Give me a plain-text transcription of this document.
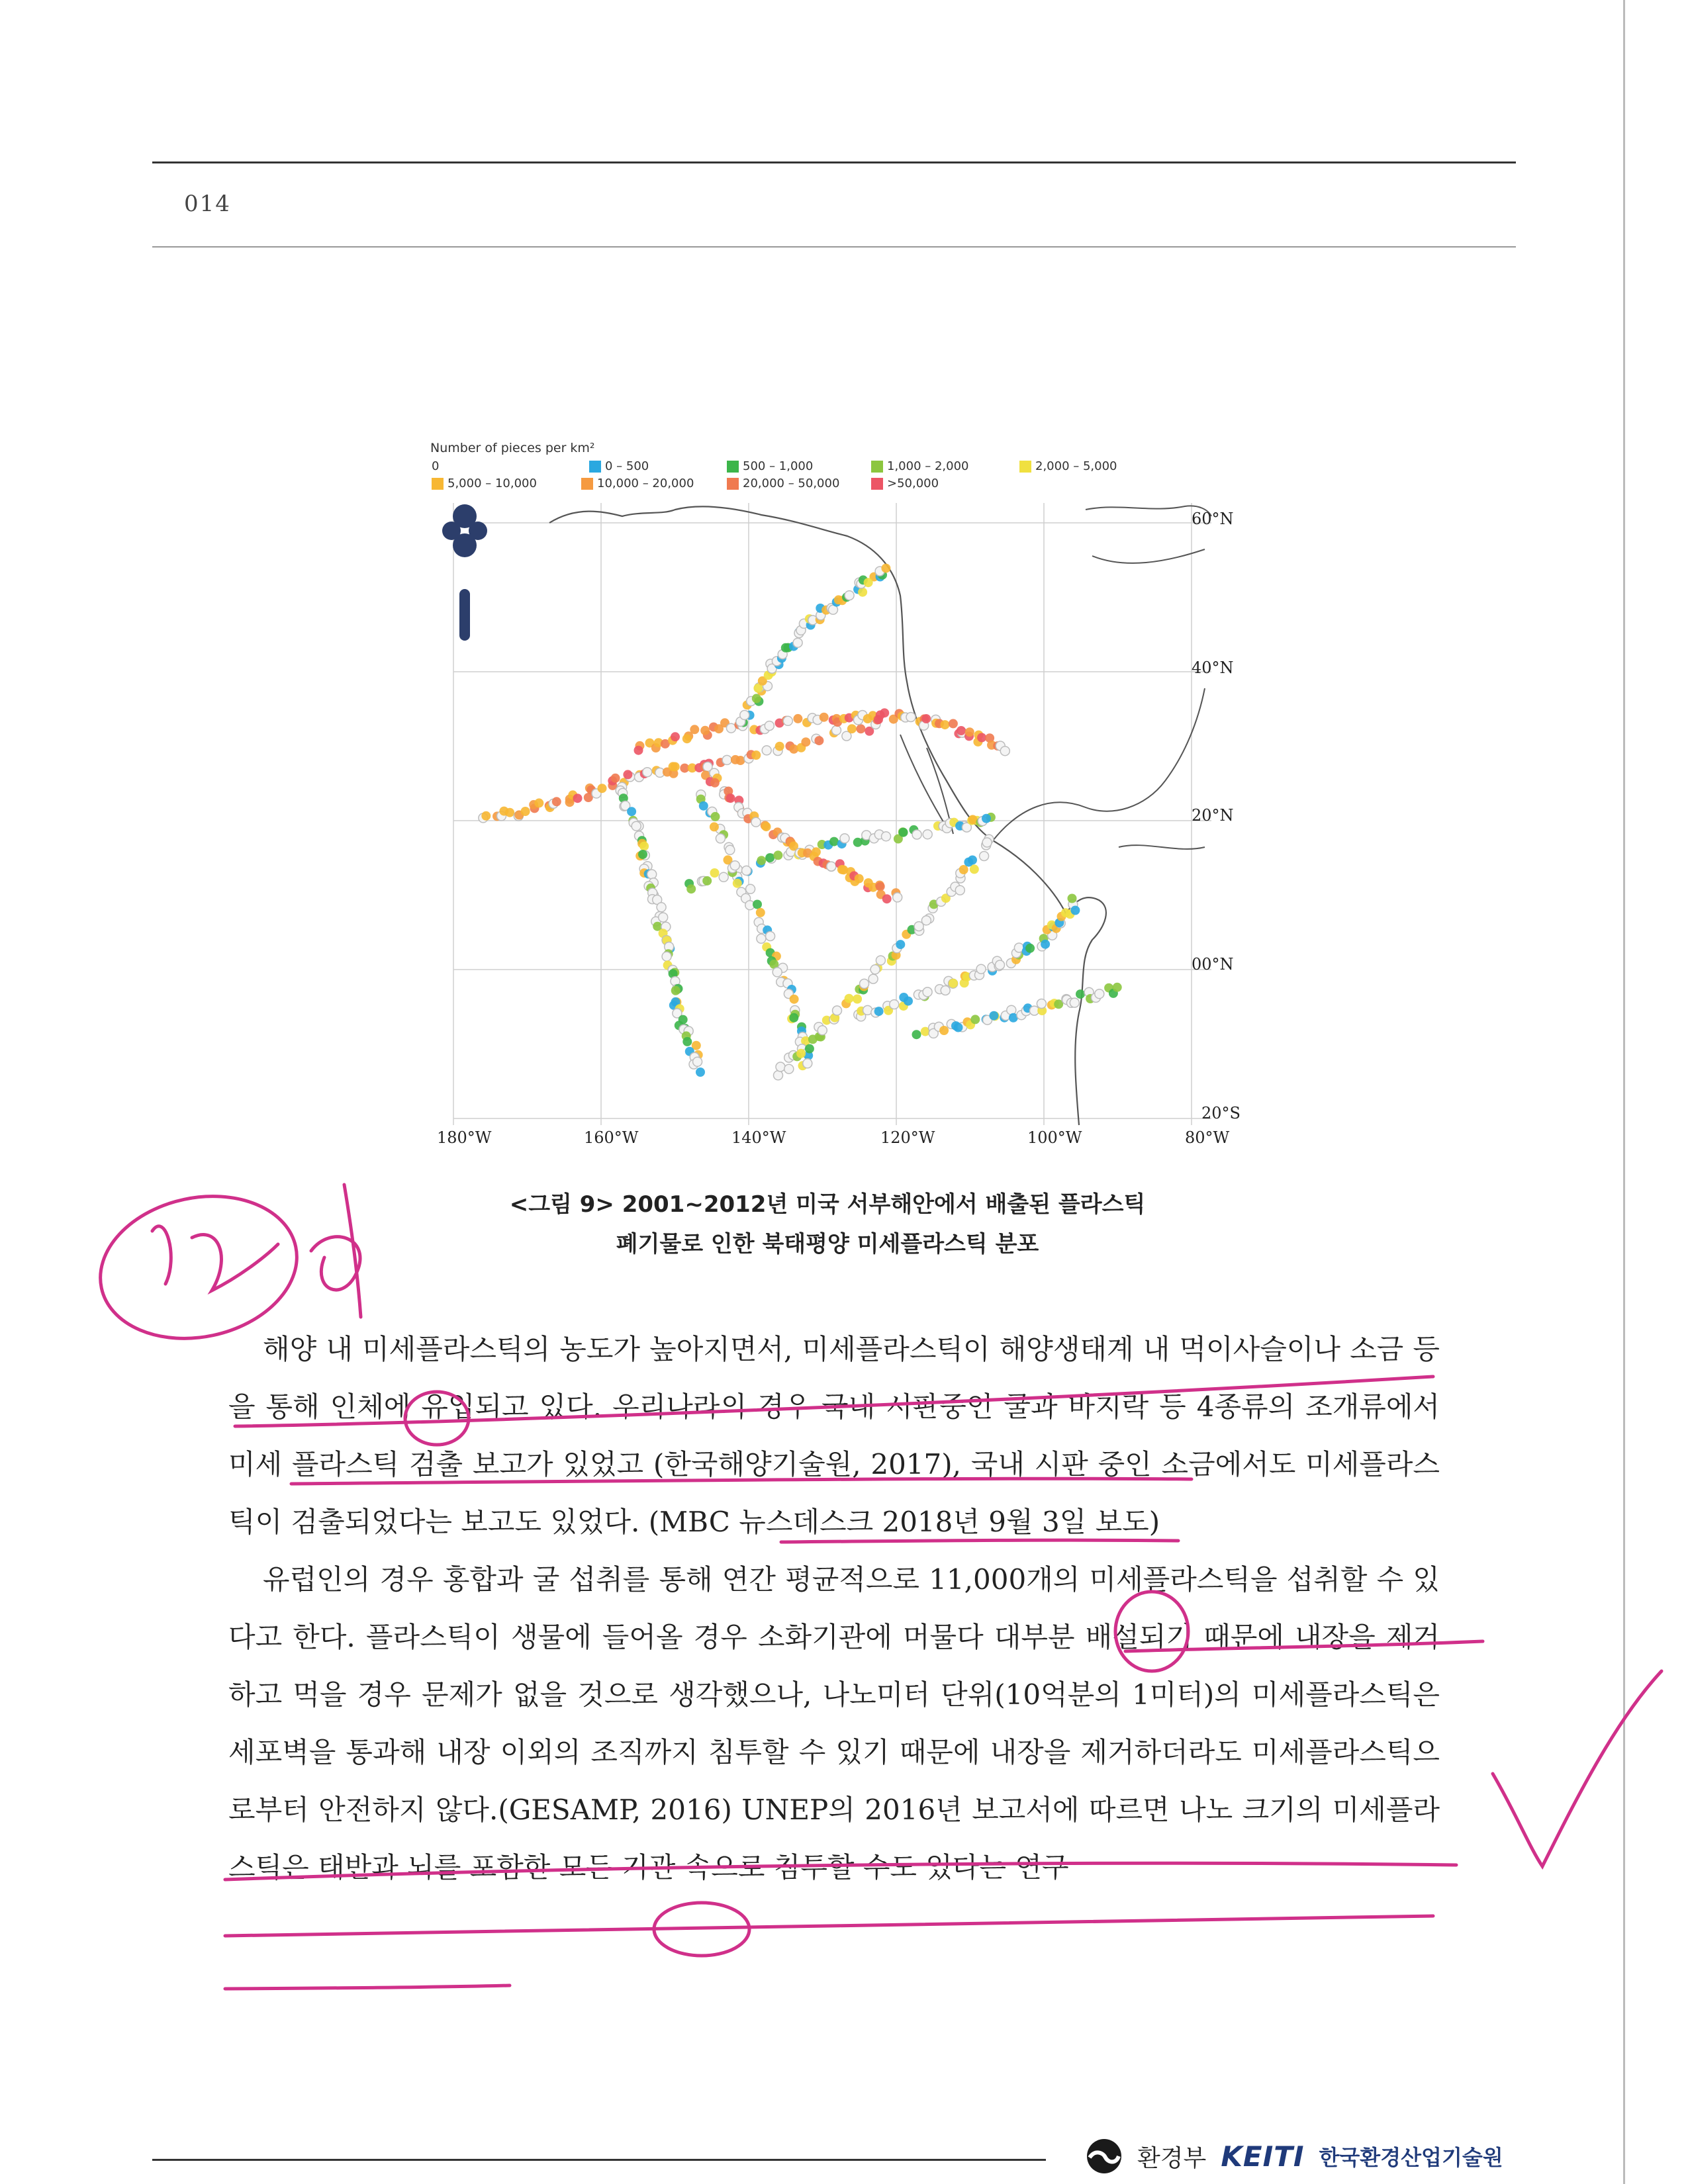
014
Number of pieces per km²
0	0 – 500	500 – 1,000	1,000 – 2,000	2,000 – 5,000
5,000 – 10,000	10,000 – 20,000	20,000 – 50,000	>50,000
60°N
40°N
20°N
00°N
20°S
180°W	160°W	140°W	120°W	100°W	80°W
<그림 9> 2001~2012년 미국 서부해안에서 배출된 플라스틱
폐기물로 인한 북태평양 미세플라스틱 분포

해양 내 미세플라스틱의 농도가 높아지면서, 미세플라스틱이 해양생태계 내 먹이사슬이나 소금 등을 통해 인체에 유입되고 있다. 우리나라의 경우 국내 시판중인 굴과 바지락 등 4종류의 조개류에서 미세 플라스틱 검출 보고가 있었고 (한국해양기술원, 2017), 국내 시판 중인 소금에서도 미세플라스틱이 검출되었다는 보고도 있었다. (MBC 뉴스데스크 2018년 9월 3일 보도)

유럽인의 경우 홍합과 굴 섭취를 통해 연간 평균적으로 11,000개의 미세플라스틱을 섭취할 수 있다고 한다. 플라스틱이 생물에 들어올 경우 소화기관에 머물다 대부분 배설되기 때문에 내장을 제거하고 먹을 경우 문제가 없을 것으로 생각했으나, 나노미터 단위(10억분의 1미터)의 미세플라스틱은 세포벽을 통과해 내장 이외의 조직까지 침투할 수 있기 때문에 내장을 제거하더라도 미세플라스틱으로부터 안전하지 않다.(GESAMP, 2016) UNEP의 2016년 보고서에 따르면 나노 크기의 미세플라스틱은 태반과 뇌를 포함한 모든 기관 속으로 침투할 수도 있다는 연구

환경부 KEITI 한국환경산업기술원
